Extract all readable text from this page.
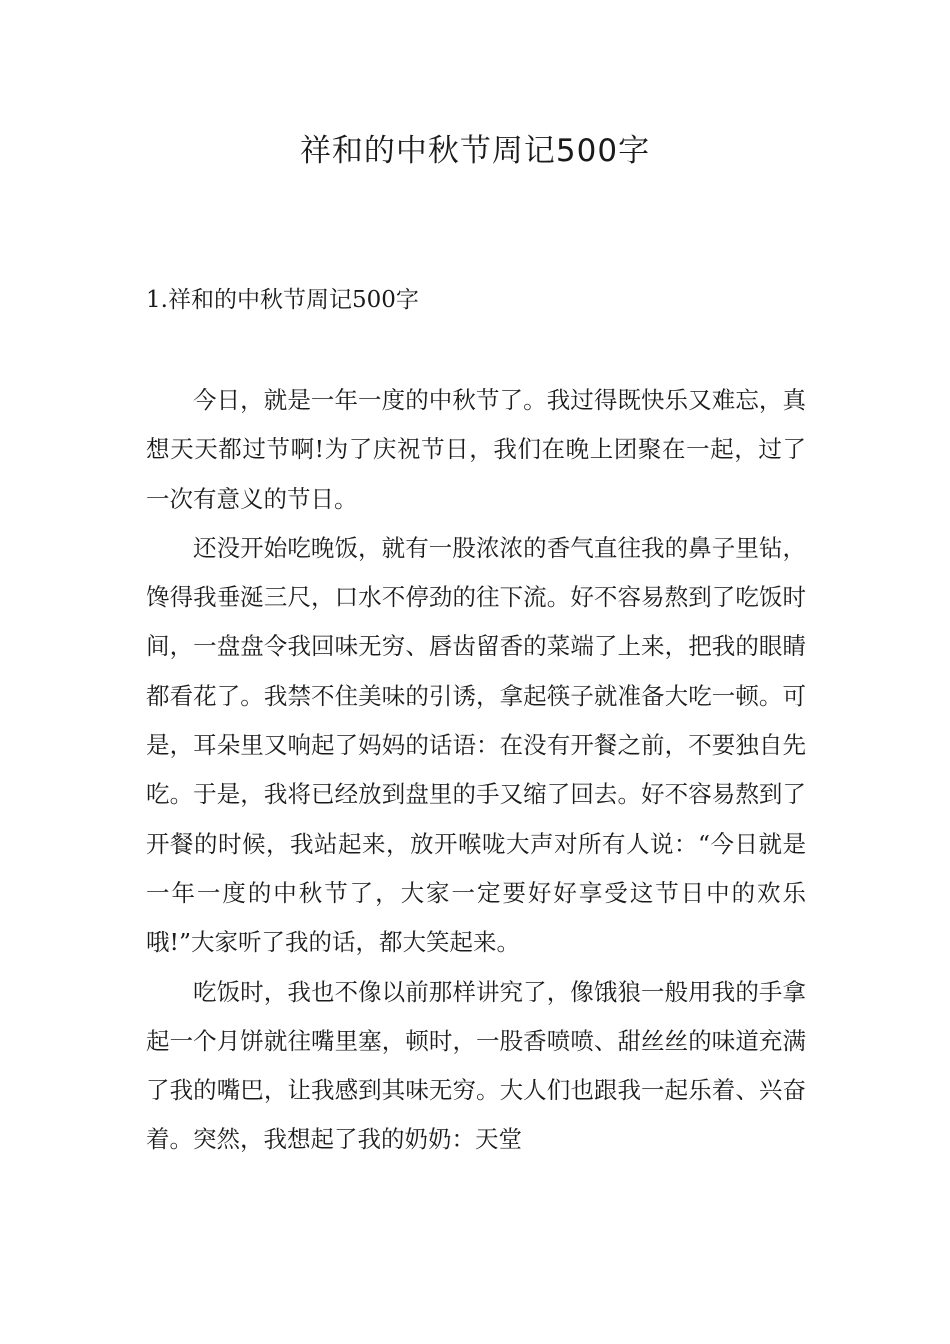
祥和的中秋节周记500字
1.祥和的中秋节周记500字

今日，就是一年一度的中秋节了。我过得既快乐又难忘，真想天天都过节啊!为了庆祝节日，我们在晚上团聚在一起，过了一次有意义的节日。

还没开始吃晚饭，就有一股浓浓的香气直往我的鼻子里钻，馋得我垂涎三尺，口水不停劲的往下流。好不容易熬到了吃饭时间，一盘盘令我回味无穷、唇齿留香的菜端了上来，把我的眼睛都看花了。我禁不住美味的引诱，拿起筷子就准备大吃一顿。可是，耳朵里又响起了妈妈的话语：在没有开餐之前，不要独自先吃。于是，我将已经放到盘里的手又缩了回去。好不容易熬到了开餐的时候，我站起来，放开喉咙大声对所有人说：“今日就是一年一度的中秋节了，大家一定要好好享受这节日中的欢乐哦!”大家听了我的话，都大笑起来。

吃饭时，我也不像以前那样讲究了，像饿狼一般用我的手拿起一个月饼就往嘴里塞，顿时，一股香喷喷、甜丝丝的味道充满了我的嘴巴，让我感到其味无穷。大人们也跟我一起乐着、兴奋着。突然，我想起了我的奶奶：天堂
